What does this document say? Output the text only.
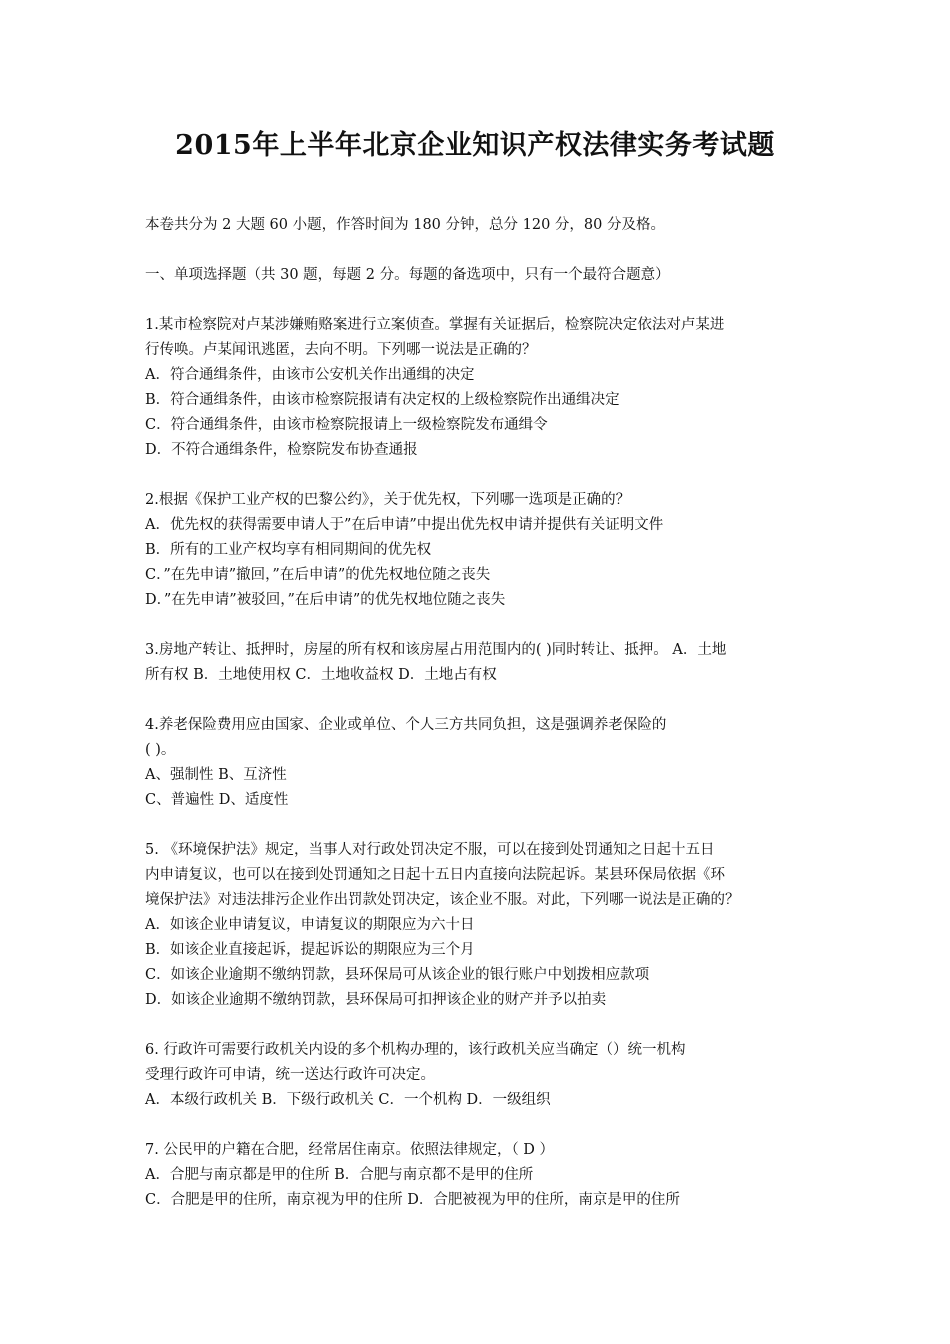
2015年上半年北京企业知识产权法律实务考试题
本卷共分为 2 大题 60 小题，作答时间为 180 分钟，总分 120 分，80 分及格。
一、单项选择题（共 30 题，每题 2 分。每题的备选项中，只有一个最符合题意）
1.某市检察院对卢某涉嫌贿赂案进行立案侦查。掌握有关证据后，检察院决定依法对卢某进
行传唤。卢某闻讯逃匿，去向不明。下列哪一说法是正确的？
A．符合通缉条件，由该市公安机关作出通缉的决定
B．符合通缉条件，由该市检察院报请有决定权的上级检察院作出通缉决定
C．符合通缉条件，由该市检察院报请上一级检察院发布通缉令
D．不符合通缉条件，检察院发布协查通报
2.根据《保护工业产权的巴黎公约》，关于优先权，下列哪一选项是正确的？
A．优先权的获得需要申请人于”在后申请”中提出优先权申请并提供有关证明文件
B．所有的工业产权均享有相同期间的优先权
C．”在先申请”撤回，”在后申请”的优先权地位随之丧失
D．”在先申请”被驳回，”在后申请”的优先权地位随之丧失
3.房地产转让、抵押时，房屋的所有权和该房屋占用范围内的( )同时转让、抵押。 A．土地
所有权 B．土地使用权 C．土地收益权 D．土地占有权
4.养老保险费用应由国家、企业或单位、个人三方共同负担，这是强调养老保险的
( )。
A、强制性 B、互济性
C、普遍性 D、适度性
5. 《环境保护法》规定，当事人对行政处罚决定不服，可以在接到处罚通知之日起十五日
内申请复议，也可以在接到处罚通知之日起十五日内直接向法院起诉。某县环保局依据《环
境保护法》对违法排污企业作出罚款处罚决定，该企业不服。对此，下列哪一说法是正确的？
A．如该企业申请复议，申请复议的期限应为六十日
B．如该企业直接起诉，提起诉讼的期限应为三个月
C．如该企业逾期不缴纳罚款，县环保局可从该企业的银行账户中划拨相应款项
D．如该企业逾期不缴纳罚款，县环保局可扣押该企业的财产并予以拍卖
6. 行政许可需要行政机关内设的多个机构办理的，该行政机关应当确定（）统一机构
受理行政许可申请，统一送达行政许可决定。
A．本级行政机关 B．下级行政机关 C．一个机构 D．一级组织
7. 公民甲的户籍在合肥，经常居住南京。依照法律规定，（ D ）
A．合肥与南京都是甲的住所 B．合肥与南京都不是甲的住所
C．合肥是甲的住所，南京视为甲的住所 D．合肥被视为甲的住所，南京是甲的住所
